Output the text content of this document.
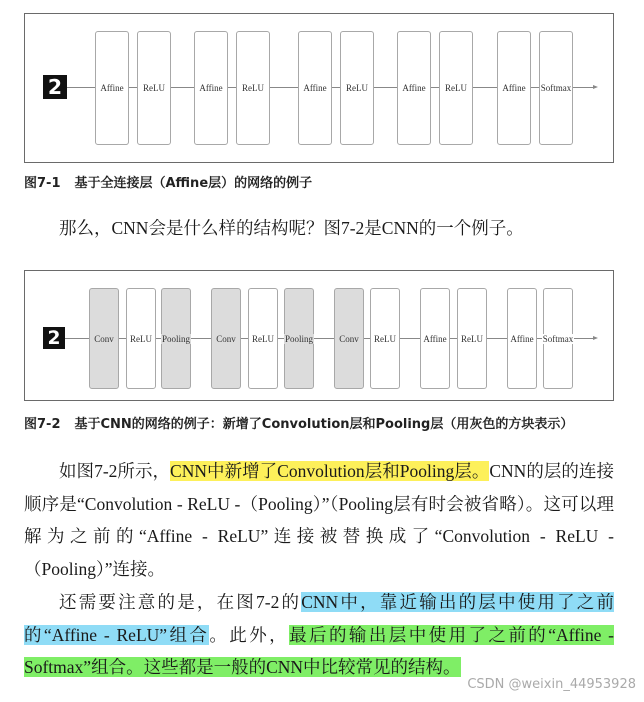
2	Affine ReLU	Affine ReLU	Affine ReLU	Affine ReLU	Affine Softmax
图7-1 基于全连接层（Affine层）的网络的例子
那么，CNN会是什么样的结构呢？图7-2是CNN的一个例子。
2	Conv ReLU Pooling	Conv ReLU Pooling	Conv ReLU	Affine ReLU	Affine Softmax
图7-2 基于CNN的网络的例子：新增了Convolution层和Pooling层（用灰色的方块表示）
如图7-2所示，CNN中新增了Convolution层和Pooling层。CNN的层的连接顺序是“Convolution - ReLU -（Pooling）”（Pooling层有时会被省略）。这可以理解为之前的“Affine - ReLU”连接被替换成了“Convolution - ReLU -（Pooling）”连接。
还需要注意的是，在图7-2的CNN中，靠近输出的层中使用了之前的“Affine - ReLU”组合。此外，最后的输出层中使用了之前的“Affine - Softmax”组合。这些都是一般的CNN中比较常见的结构。
CSDN @weixin_44953928
